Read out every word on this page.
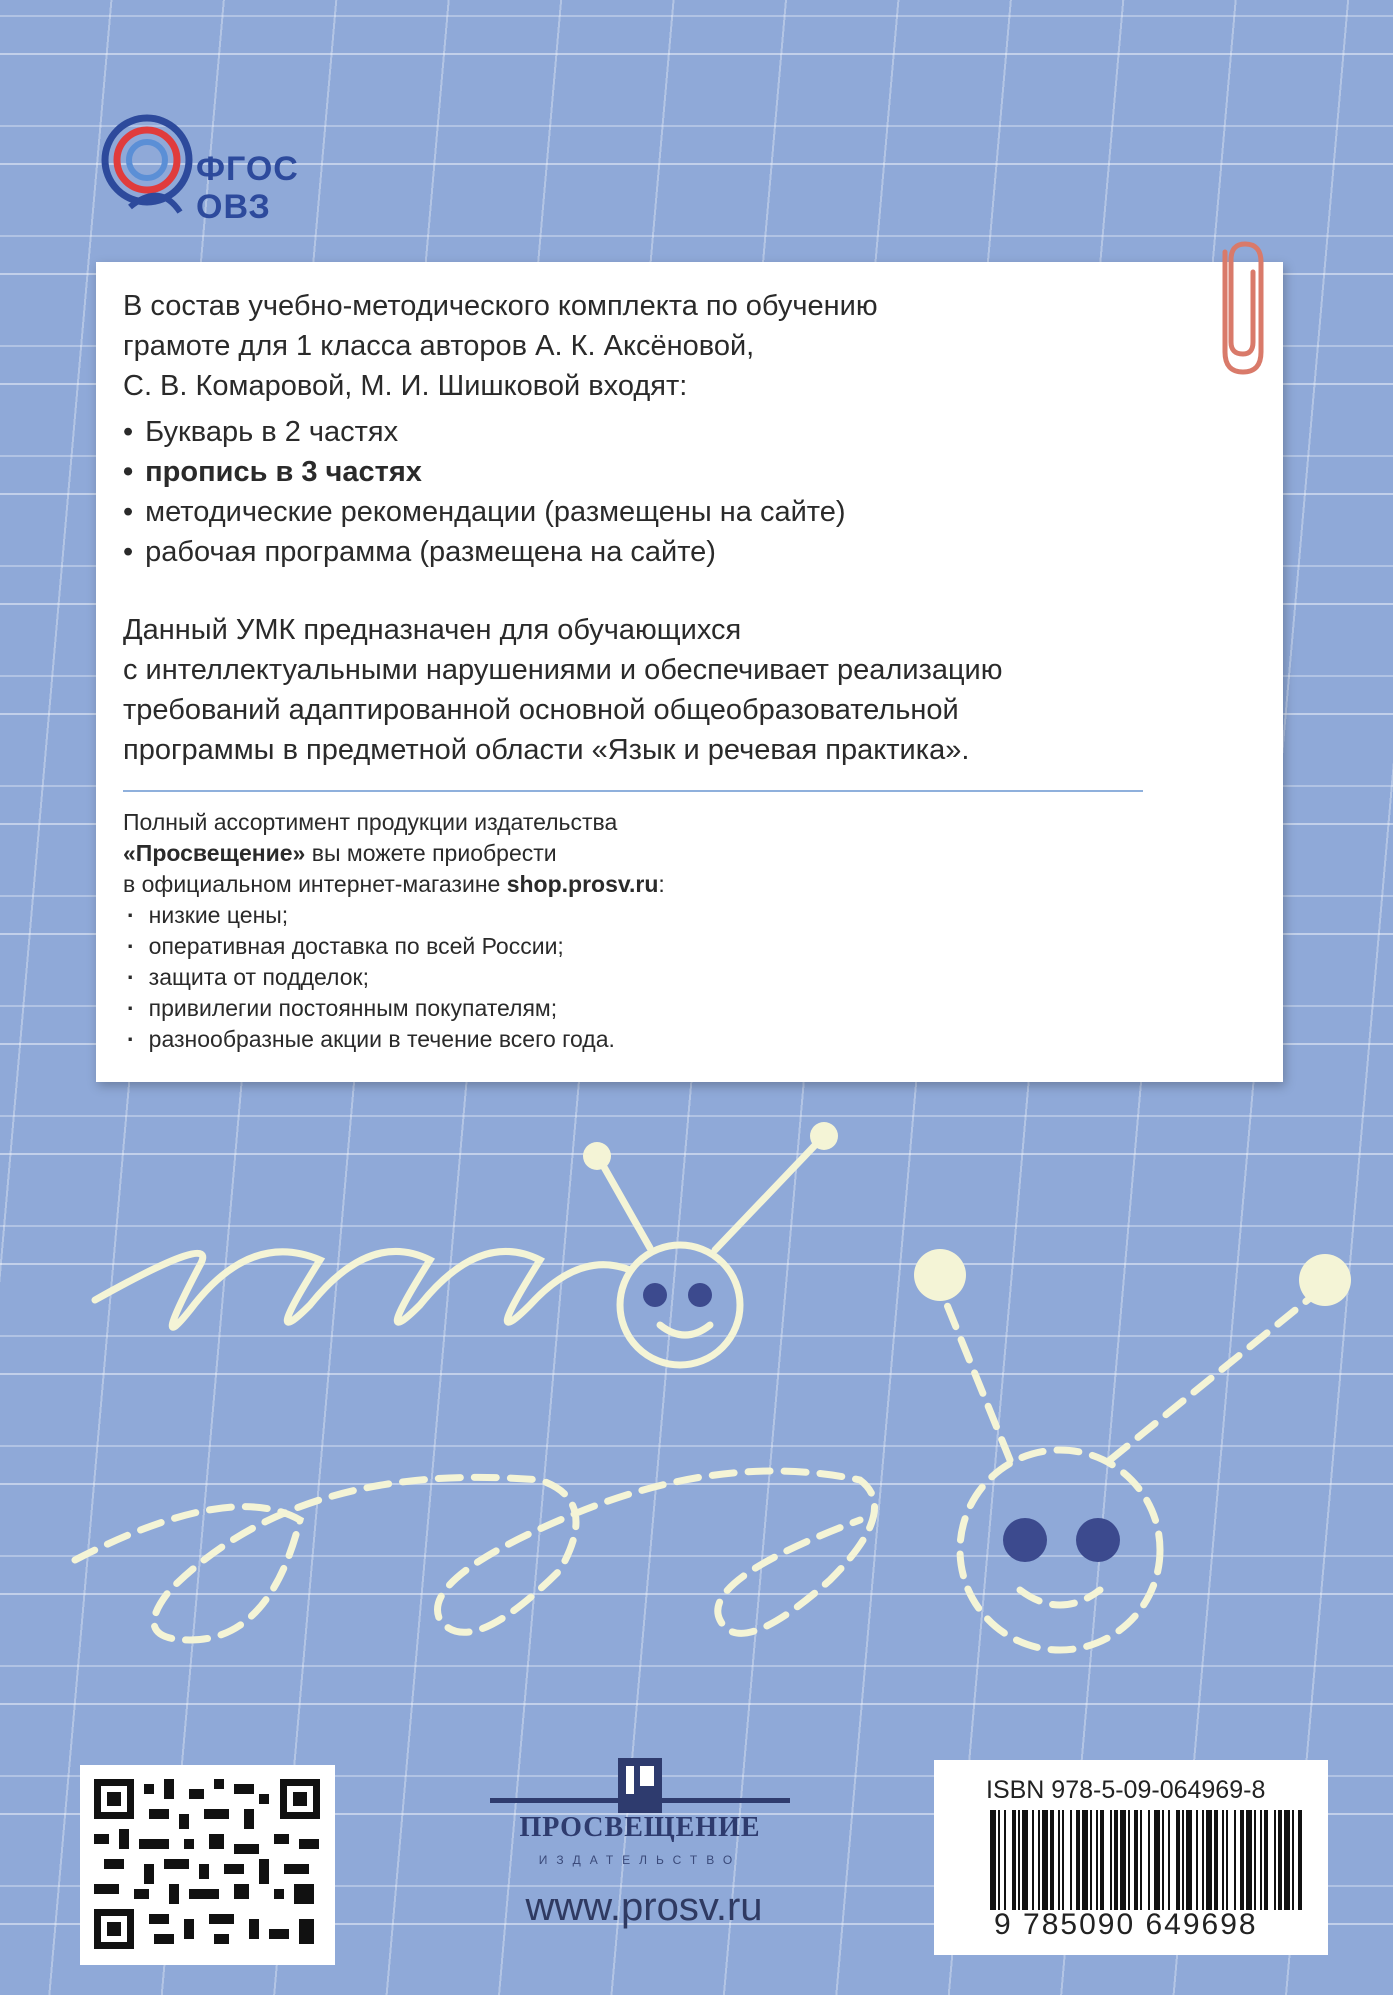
ФГОС
ОВЗ
В состав учебно-методического комплекта по обучению
грамоте для 1 класса авторов А. К. Аксёновой,
С. В. Комаровой, М. И. Шишковой входят:
• Букварь в 2 частях
• пропись в 3 частях
• методические рекомендации (размещены на сайте)
• рабочая программа (размещена на сайте)
Данный УМК предназначен для обучающихся
с интеллектуальными нарушениями и обеспечивает реализацию
требований адаптированной основной общеобразовательной
программы в предметной области «Язык и речевая практика».
Полный ассортимент продукции издательства
«Просвещение» вы можете приобрести
в официальном интернет-магазине shop.prosv.ru:
· низкие цены;
· оперативная доставка по всей России;
· защита от подделок;
· привилегии постоянным покупателям;
· разнообразные акции в течение всего года.
ПРОСВЕЩЕНИЕ
ИЗДАТЕЛЬСТВО
www.prosv.ru
ISBN 978-5-09-064969-8
9 785090 649698
